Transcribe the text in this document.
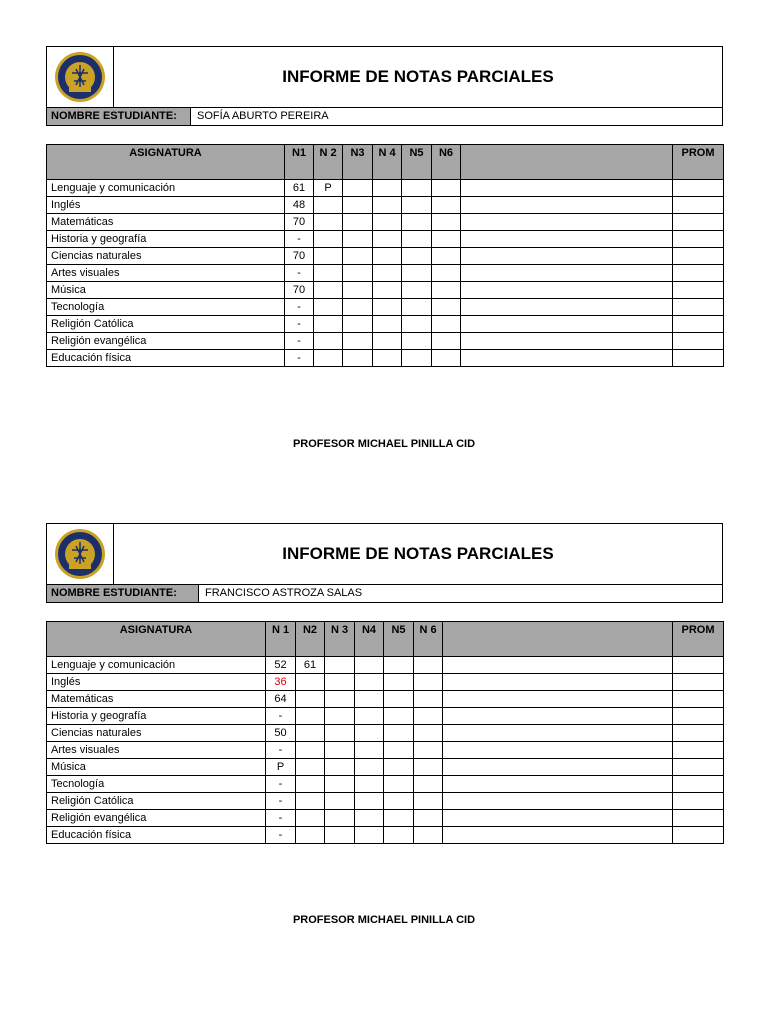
INFORME DE NOTAS PARCIALES
NOMBRE ESTUDIANTE:	SOFÍA ABURTO PEREIRA
ASIGNATURA	N1	N 2	N3	N 4	N5	N6		PROM
Lenguaje y comunicación	61	P						
Inglés	48							
Matemáticas	70							
Historia y geografía	-							
Ciencias naturales	70							
Artes visuales	-							
Música	70							
Tecnología	-							
Religión Católica	-							
Religión evangélica	-							
Educación física	-							
PROFESOR MICHAEL PINILLA CID
INFORME DE NOTAS PARCIALES
NOMBRE ESTUDIANTE:	FRANCISCO ASTROZA SALAS
ASIGNATURA	N 1	N2	N 3	N4	N5	N 6		PROM
Lenguaje y comunicación	52	61						
Inglés	36							
Matemáticas	64							
Historia y geografía	-							
Ciencias naturales	50							
Artes visuales	-							
Música	P							
Tecnología	-							
Religión Católica	-							
Religión evangélica	-							
Educación física	-							
PROFESOR MICHAEL PINILLA CID
